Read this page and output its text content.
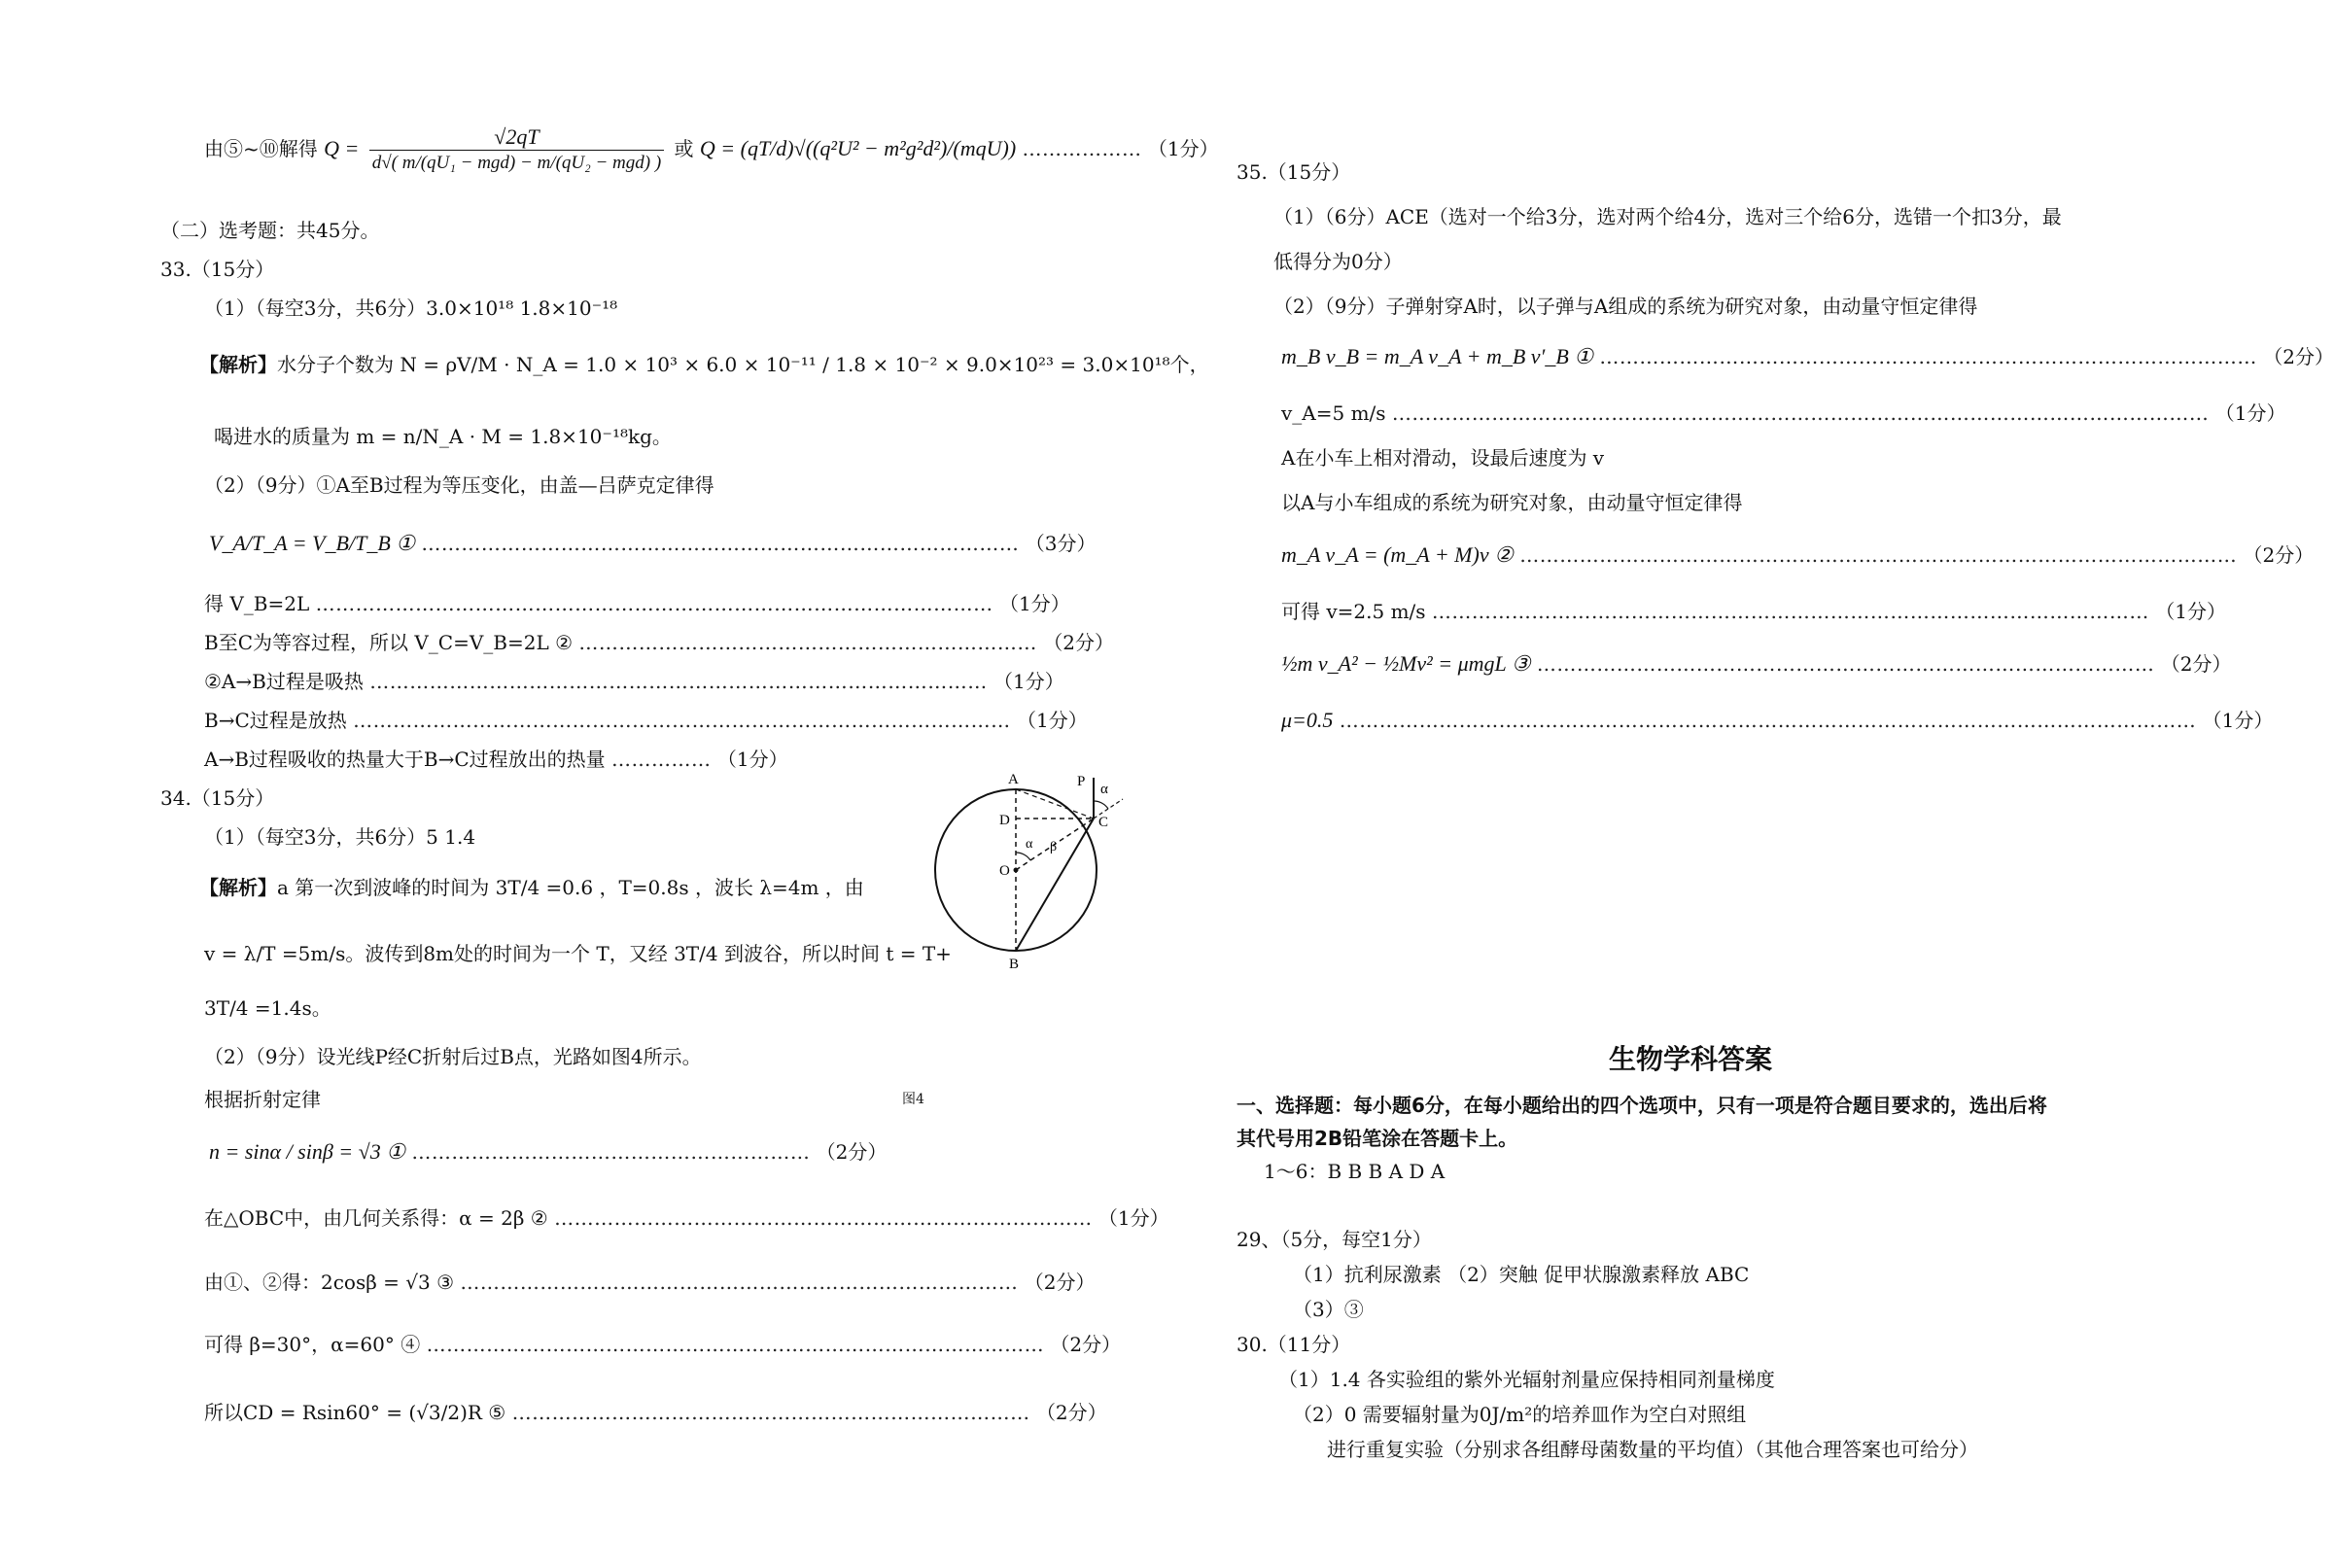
由⑤~⑩解得 $Q = \frac{√2qT}{\text{d√( m/(qU₁ − mgd) − m/(qU₂ − mgd) )}}$ 或 Q = (qT/d)√((q²U² − m²g²d²)/(mqU)) ……………… （1分）
（二）选考题：共45分。
33.（15分）
（1）（每空3分，共6分）3.0×10¹⁸ 1.8×10⁻¹⁸
【解析】水分子个数为 N = ρV/M · N_A = 1.0 × 10³ × 6.0 × 10⁻¹¹ / 1.8 × 10⁻² × 9.0×10²³ = 3.0×10¹⁸个，
喝进水的质量为 m = n/N_A · M = 1.8×10⁻¹⁸kg。
（2）（9分）①A至B过程为等压变化，由盖—吕萨克定律得
V_A/T_A = V_B/T_B ① ……………………………………………………………………………… （3分）
得 V_B=2L ………………………………………………………………………………………… （1分）
B至C为等容过程，所以 V_C=V_B=2L ② …………………………………………………………… （2分）
②A→B过程是吸热 ………………………………………………………………………………… （1分）
B→C过程是放热 ……………………………………………………………………………………… （1分）
A→B过程吸收的热量大于B→C过程放出的热量 …………… （1分）
34.（15分）
（1）（每空3分，共6分）5 1.4
【解析】a 第一次到波峰的时间为 3T/4 =0.6 ，T=0.8s ，波长 λ=4m ，由
v = λ/T =5m/s。波传到8m处的时间为一个 T，又经 3T/4 到波谷，所以时间 t = T+
3T/4 =1.4s。
（2）（9分）设光线P经C折射后过B点，光路如图4所示。
根据折射定律	图4
n = sinα / sinβ = √3 ① …………………………………………………… （2分）
在△OBC中，由几何关系得：α = 2β ② ……………………………………………………………………… （1分）
由①、②得：2cosβ = √3 ③ ………………………………………………………………………… （2分）
可得 β=30°，α=60° ④ ………………………………………………………………………………… （2分）
所以CD = Rsin60° = (√3/2)R ⑤ …………………………………………………………………… （2分）
A
B
C
D
O
P α
α β
35.（15分）
（1）（6分）ACE（选对一个给3分，选对两个给4分，选对三个给6分，选错一个扣3分，最
低得分为0分）
（2）（9分）子弹射穿A时，以子弹与A组成的系统为研究对象，由动量守恒定律得
m_B v_B = m_A v_A + m_B v′_B ① ……………………………………………………………………………………… （2分）
v_A=5 m/s …………………………………………………………………………………………………………… （1分）
A在小车上相对滑动，设最后速度为 v
以A与小车组成的系统为研究对象，由动量守恒定律得
m_A v_A = (m_A + M)v ② ……………………………………………………………………………………………… （2分）
可得 v=2.5 m/s ……………………………………………………………………………………………… （1分）
½m v_A² − ½Mv² = μmgL ③ ………………………………………………………………………………… （2分）
μ=0.5 ………………………………………………………………………………………………………………… （1分）
生物学科答案
一、选择题：每小题6分，在每小题给出的四个选项中，只有一项是符合题目要求的，选出后将
其代号用2B铅笔涂在答题卡上。
1～6：B B B A D A
29、（5分，每空1分）
（1）抗利尿激素 （2）突触 促甲状腺激素释放 ABC
（3）③
30.（11分）
（1）1.4 各实验组的紫外光辐射剂量应保持相同剂量梯度
（2）0 需要辐射量为0J/m²的培养皿作为空白对照组
进行重复实验（分别求各组酵母菌数量的平均值）（其他合理答案也可给分）
